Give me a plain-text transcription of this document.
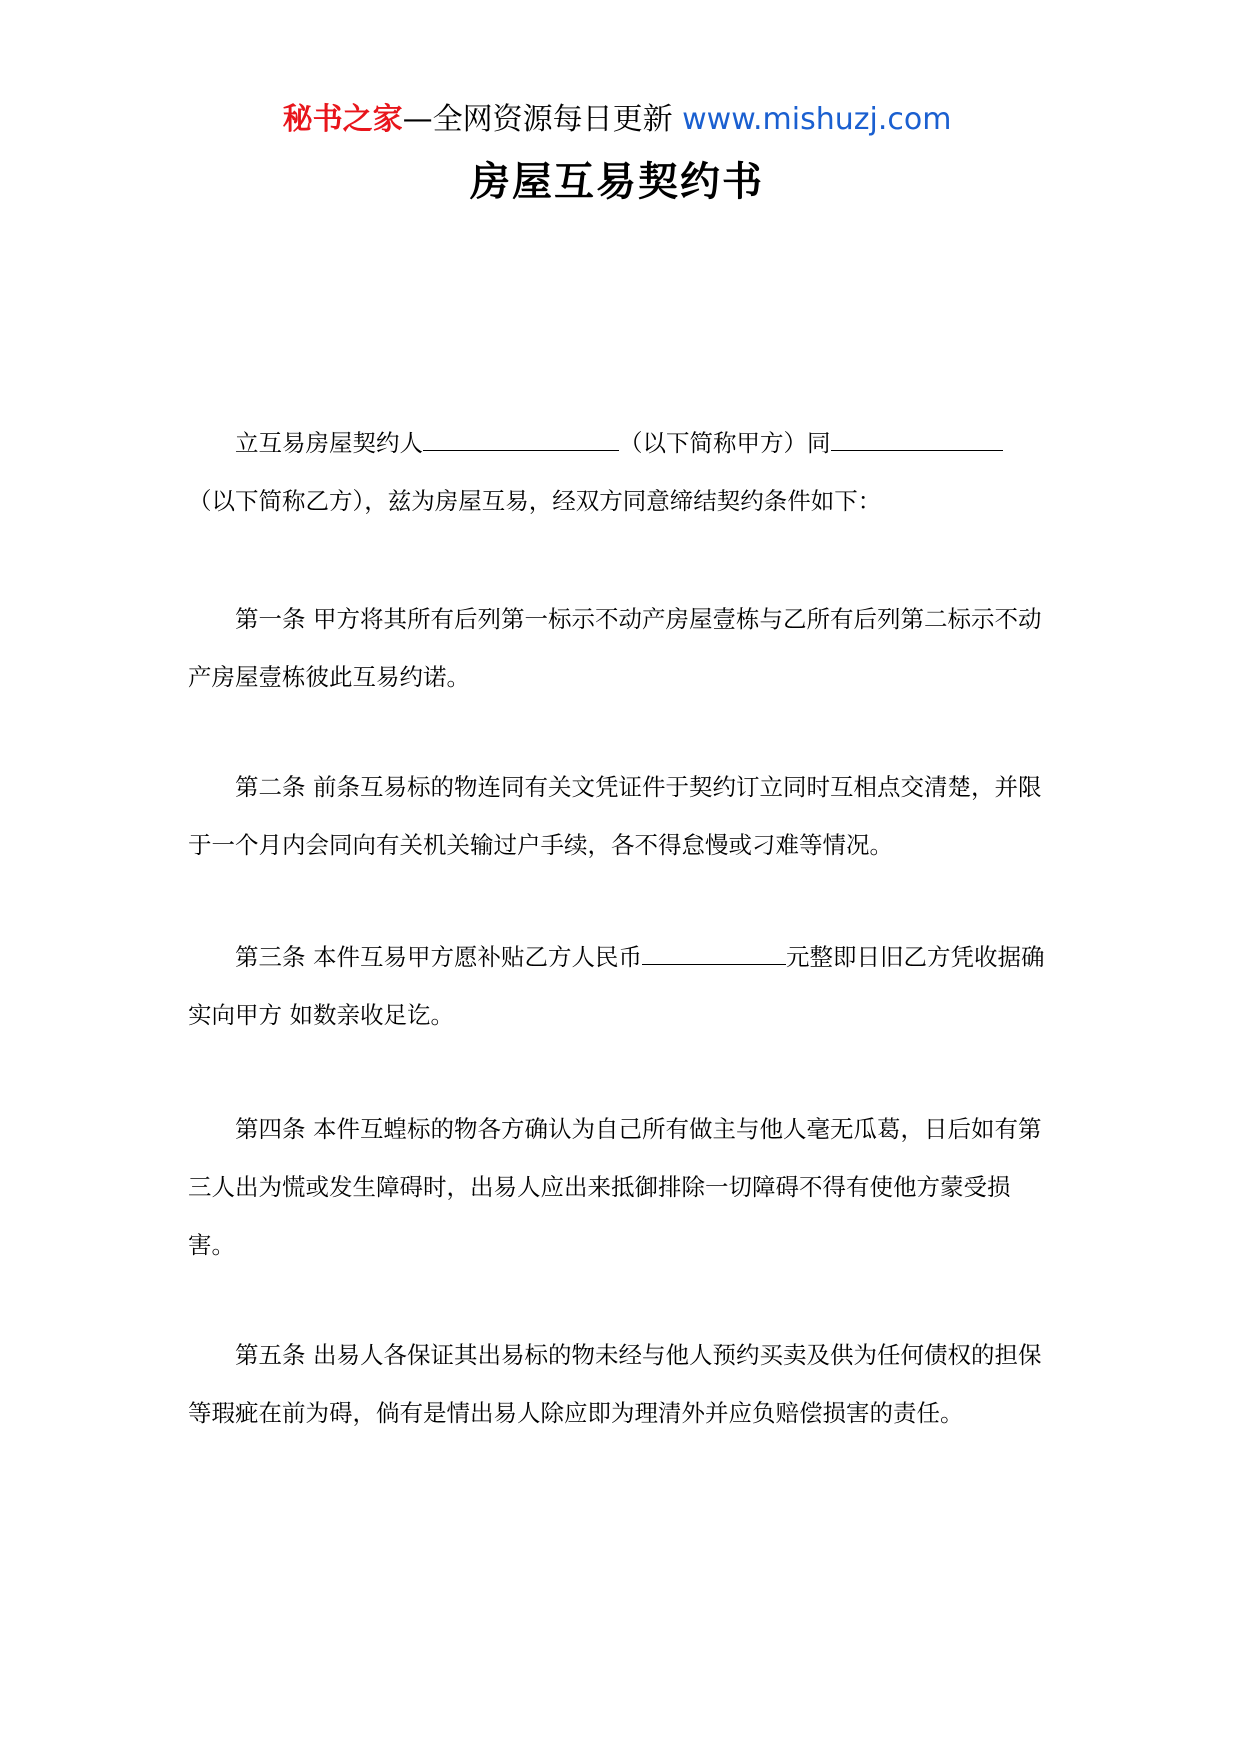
秘书之家—全网资源每日更新 www.mishuzj.com
房屋互易契约书

立互易房屋契约人	（以下简称甲方）同（以下简称乙方），兹为房屋互易，经双方同意缔结契约条件如下：

第一条 甲方将其所有后列第一标示不动产房屋壹栋与乙所有后列第二标示不动产房屋壹栋彼此互易约诺。

第二条 前条互易标的物连同有关文凭证件于契约订立同时互相点交清楚，并限于一个月内会同向有关机关输过户手续，各不得怠慢或刁难等情况。

第三条 本件互易甲方愿补贴乙方人民币	元整即日旧乙方凭收据确实向甲方 如数亲收足讫。

第四条 本件互蝗标的物各方确认为自己所有做主与他人毫无瓜葛，日后如有第三人出为慌或发生障碍时，出易人应出来抵御排除一切障碍不得有使他方蒙受损害。

第五条 出易人各保证其出易标的物未经与他人预约买卖及供为任何债权的担保等瑕疵在前为碍，倘有是情出易人除应即为理清外并应负赔偿损害的责任。
